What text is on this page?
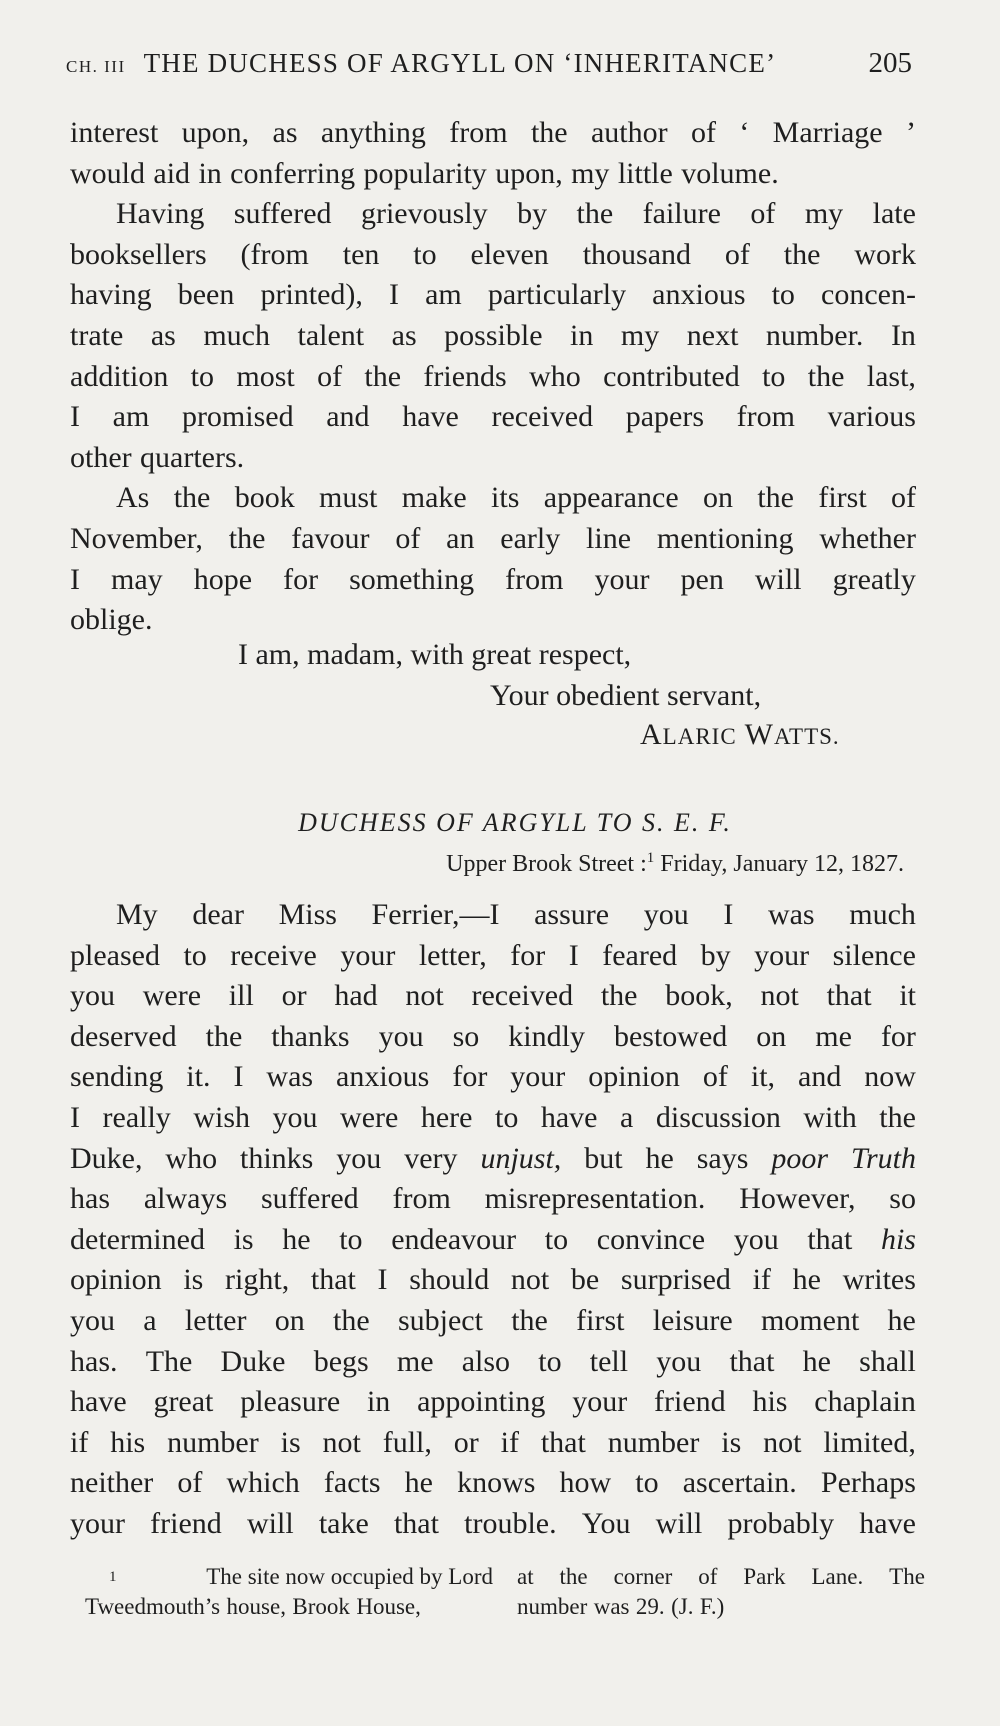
CH. III THE DUCHESS OF ARGYLL ON ‘INHERITANCE’	205
interest upon, as anything from the author of ‘ Marriage ’
would aid in conferring popularity upon, my little volume.
Having suffered grievously by the failure of my late
booksellers (from ten to eleven thousand of the work
having been printed), I am particularly anxious to concen-
trate as much talent as possible in my next number. In
addition to most of the friends who contributed to the last,
I am promised and have received papers from various
other quarters.
As the book must make its appearance on the first of
November, the favour of an early line mentioning whether
I may hope for something from your pen will greatly
oblige.
I am, madam, with great respect,
Your obedient servant,
ALARIC WATTS.
DUCHESS OF ARGYLL TO S. E. F.
Upper Brook Street :$^1$ Friday, January 12, 1827.
My dear Miss Ferrier,—I assure you I was much
pleased to receive your letter, for I feared by your silence
you were ill or had not received the book, not that it
deserved the thanks you so kindly bestowed on me for
sending it. I was anxious for your opinion of it, and now
I really wish you were here to have a discussion with the
Duke, who thinks you very unjust, but he says poor Truth
has always suffered from misrepresentation. However, so
determined is he to endeavour to convince you that his
opinion is right, that I should not be surprised if he writes
you a letter on the subject the first leisure moment he
has. The Duke begs me also to tell you that he shall
have great pleasure in appointing your friend his chaplain
if his number is not full, or if that number is not limited,
neither of which facts he knows how to ascertain. Perhaps
your friend will take that trouble. You will probably have
1
	The site now occupied by Lord
Tweedmouth’s house, Brook House,
at the corner of Park Lane. The
number was 29. (J. F.)
